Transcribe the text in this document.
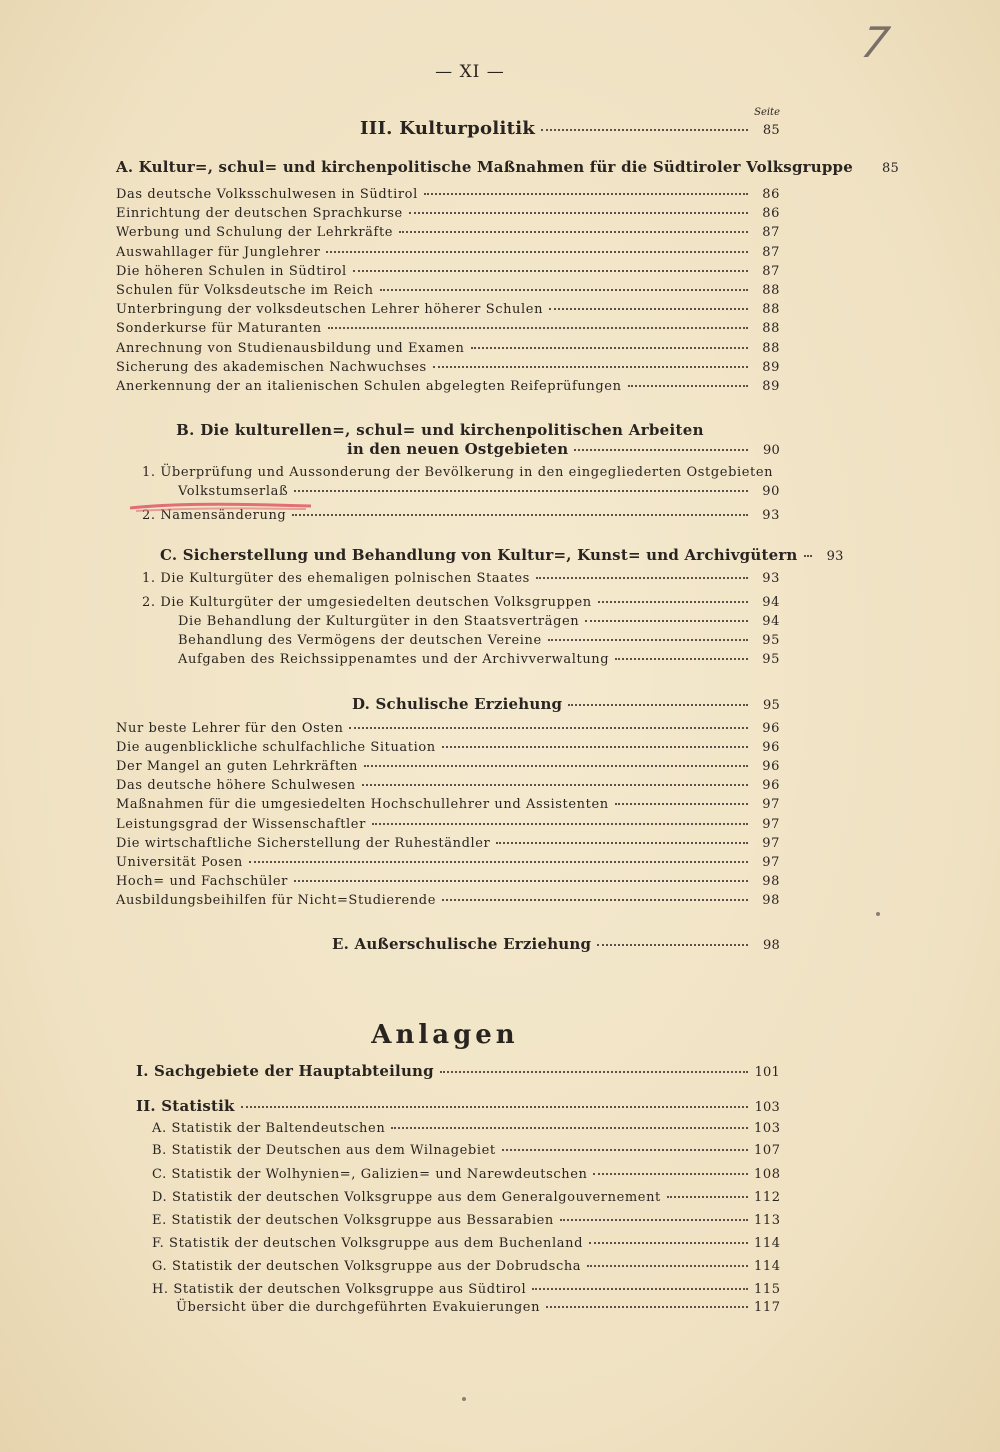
— XI —
7
Seite
III. Kulturpolitik	85
A. Kultur=, schul= und kirchenpolitische Maßnahmen für die Südtiroler Volksgruppe	85
Das deutsche Volksschulwesen in Südtirol	86
Einrichtung der deutschen Sprachkurse	86
Werbung und Schulung der Lehrkräfte	87
Auswahllager für Junglehrer	87
Die höheren Schulen in Südtirol	87
Schulen für Volksdeutsche im Reich	88
Unterbringung der volksdeutschen Lehrer höherer Schulen	88
Sonderkurse für Maturanten	88
Anrechnung von Studienausbildung und Examen	88
Sicherung des akademischen Nachwuchses	89
Anerkennung der an italienischen Schulen abgelegten Reifeprüfungen	89
B. Die kulturellen=, schul= und kirchenpolitischen Arbeiten
in den neuen Ostgebieten	90
1. Überprüfung und Aussonderung der Bevölkerung in den eingegliederten Ostgebieten
Volkstumserlaß	90
2. Namensänderung	93
C. Sicherstellung und Behandlung von Kultur=, Kunst= und Archivgütern	93
1. Die Kulturgüter des ehemaligen polnischen Staates	93
2. Die Kulturgüter der umgesiedelten deutschen Volksgruppen	94
Die Behandlung der Kulturgüter in den Staatsverträgen	94
Behandlung des Vermögens der deutschen Vereine	95
Aufgaben des Reichssippenamtes und der Archivverwaltung	95
D. Schulische Erziehung	95
Nur beste Lehrer für den Osten	96
Die augenblickliche schulfachliche Situation	96
Der Mangel an guten Lehrkräften	96
Das deutsche höhere Schulwesen	96
Maßnahmen für die umgesiedelten Hochschullehrer und Assistenten	97
Leistungsgrad der Wissenschaftler	97
Die wirtschaftliche Sicherstellung der Ruheständler	97
Universität Posen	97
Hoch= und Fachschüler	98
Ausbildungsbeihilfen für Nicht=Studierende	98
E. Außerschulische Erziehung	98
Anlagen
I. Sachgebiete der Hauptabteilung	101
II. Statistik	103
A. Statistik der Baltendeutschen	103
B. Statistik der Deutschen aus dem Wilnagebiet	107
C. Statistik der Wolhynien=, Galizien= und Narewdeutschen	108
D. Statistik der deutschen Volksgruppe aus dem Generalgouvernement	112
E. Statistik der deutschen Volksgruppe aus Bessarabien	113
F. Statistik der deutschen Volksgruppe aus dem Buchenland	114
G. Statistik der deutschen Volksgruppe aus der Dobrudscha	114
H. Statistik der deutschen Volksgruppe aus Südtirol	115
Übersicht über die durchgeführten Evakuierungen	117
